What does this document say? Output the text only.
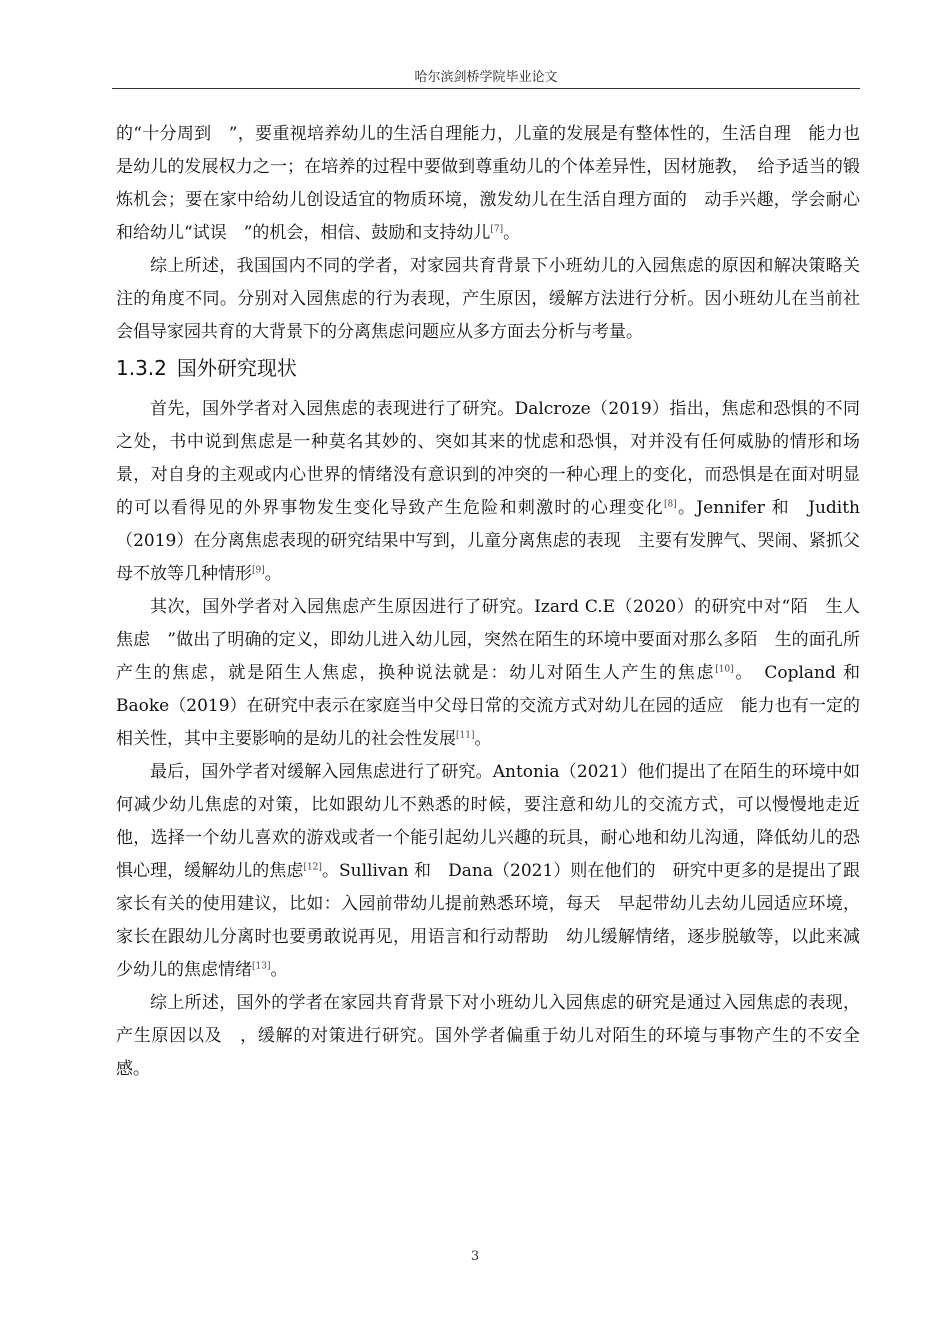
哈尔滨剑桥学院毕业论文

的“十分周到　”，要重视培养幼儿的生活自理能力，儿童的发展是有整体性的，生活自理　能力也是幼儿的发展权力之一；在培养的过程中要做到尊重幼儿的个体差异性，因材施教，　给予适当的锻炼机会；要在家中给幼儿创设适宜的物质环境，激发幼儿在生活自理方面的　动手兴趣，学会耐心和给幼儿“试误　”的机会，相信、鼓励和支持幼儿[7]。

综上所述，我国国内不同的学者，对家园共育背景下小班幼儿的入园焦虑的原因和解决策略关注的角度不同。分别对入园焦虑的行为表现，产生原因，缓解方法进行分析。因小班幼儿在当前社会倡导家园共育的大背景下的分离焦虑问题应从多方面去分析与考量。

1.3.2 国外研究现状

首先，国外学者对入园焦虑的表现进行了研究。Dalcroze（2019）指出，焦虑和恐惧的不同之处，书中说到焦虑是一种莫名其妙的、突如其来的忧虑和恐惧，对并没有任何威胁的情形和场景，对自身的主观或内心世界的情绪没有意识到的冲突的一种心理上的变化，而恐惧是在面对明显的可以看得见的外界事物发生变化导致产生危险和刺激时的心理变化[8]。Jennifer 和　Judith（2019）在分离焦虑表现的研究结果中写到，儿童分离焦虑的表现　主要有发脾气、哭闹、紧抓父母不放等几种情形[9]。

其次，国外学者对入园焦虑产生原因进行了研究。Izard C.E（2020）的研究中对“陌　生人焦虑　”做出了明确的定义，即幼儿进入幼儿园，突然在陌生的环境中要面对那么多陌　生的面孔所产生的焦虑，就是陌生人焦虑，换种说法就是：幼儿对陌生人产生的焦虑[10]。　Copland 和　Baoke（2019）在研究中表示在家庭当中父母日常的交流方式对幼儿在园的适应　能力也有一定的相关性，其中主要影响的是幼儿的社会性发展[11]。

最后，国外学者对缓解入园焦虑进行了研究。Antonia（2021）他们提出了在陌生的环境中如何减少幼儿焦虑的对策，比如跟幼儿不熟悉的时候，要注意和幼儿的交流方式，可以慢慢地走近他，选择一个幼儿喜欢的游戏或者一个能引起幼儿兴趣的玩具，耐心地和幼儿沟通，降低幼儿的恐惧心理，缓解幼儿的焦虑[12]。Sullivan 和　Dana（2021）则在他们的　研究中更多的是提出了跟家长有关的使用建议，比如：入园前带幼儿提前熟悉环境，每天　早起带幼儿去幼儿园适应环境，家长在跟幼儿分离时也要勇敢说再见，用语言和行动帮助　幼儿缓解情绪，逐步脱敏等，以此来减少幼儿的焦虑情绪[13]。

综上所述，国外的学者在家园共育背景下对小班幼儿入园焦虑的研究是通过入园焦虑的表现，产生原因以及　，缓解的对策进行研究。国外学者偏重于幼儿对陌生的环境与事物产生的不安全感。

3
